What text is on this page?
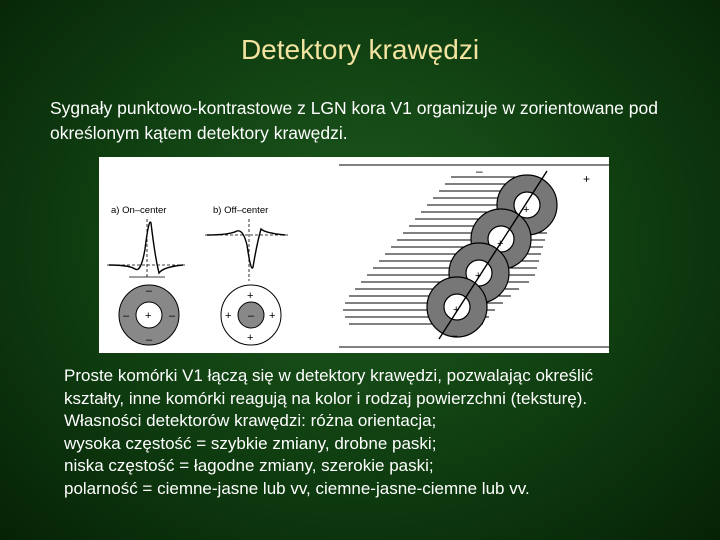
Detektory krawędzi
Sygnały punktowo-kontrastowe z LGN kora V1 organizuje w zorientowane pod określonym kątem detektory krawędzi.
a) On–center
+
–
–	–
–
b) Off–center
–
+
+	+
+
–
+
+
+
+
+
–
Proste komórki V1 łączą się w detektory krawędzi, pozwalając określić
kształty, inne komórki reagują na kolor i rodzaj powierzchni (teksturę).
Własności detektorów krawędzi: różna orientacja;
wysoka częstość = szybkie zmiany, drobne paski;
niska częstość = łagodne zmiany, szerokie paski;
polarność = ciemne-jasne lub vv, ciemne-jasne-ciemne lub vv.
